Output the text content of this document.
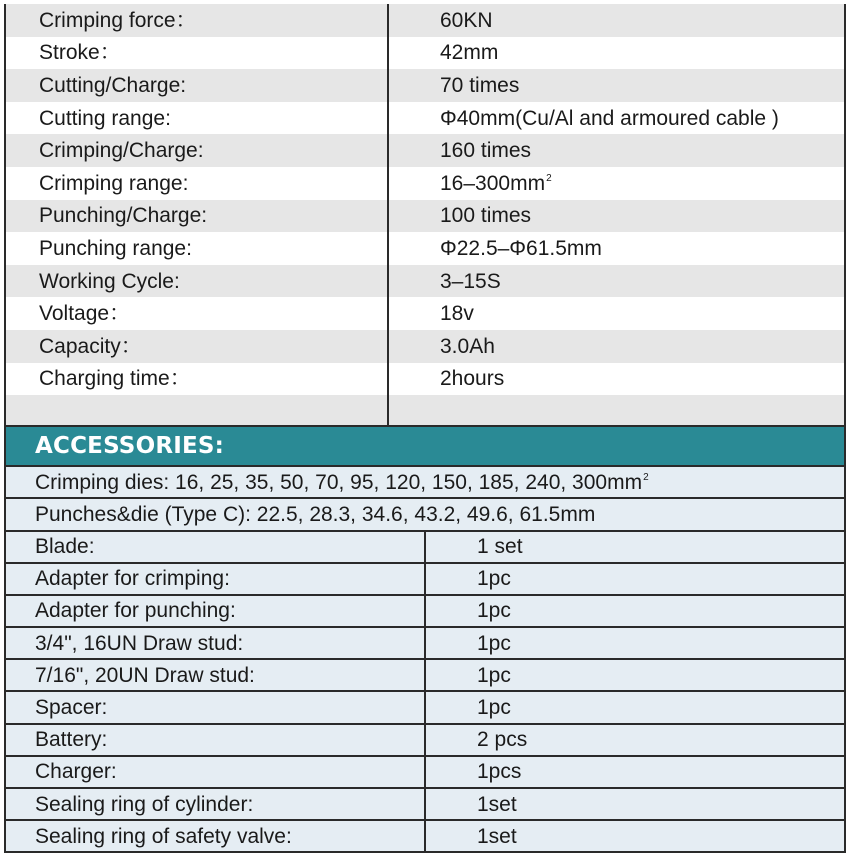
Crimping force：	60KN
Stroke：	42mm
Cutting/Charge:	70 times
Cutting range:	Φ40mm(Cu/Al and armoured cable )
Crimping/Charge:	160 times
Crimping range:	$16-300mm^2$
Punching/Charge:	100 times
Punching range:	Φ22.5–Φ61.5mm
Working Cycle:	3–15S
Voltage：	18v
Capacity：	3.0Ah
Charging time：	2hours

ACCESSORIES:
Crimping dies: 16, 25, 35, 50, 70, 95, 120, 150, 185, 240, $300mm^2$
Punches&die (Type C): 22.5, 28.3, 34.6, 43.2, 49.6, 61.5mm	
Blade:	1 set
Adapter for crimping:	1pc
Adapter for punching:	1pc
3/4", 16UN Draw stud:	1pc
7/16", 20UN Draw stud:	1pc
Spacer:	1pc
Battery:	2 pcs
Charger:	1pcs
Sealing ring of cylinder:	1set
Sealing ring of safety valve:	1set
